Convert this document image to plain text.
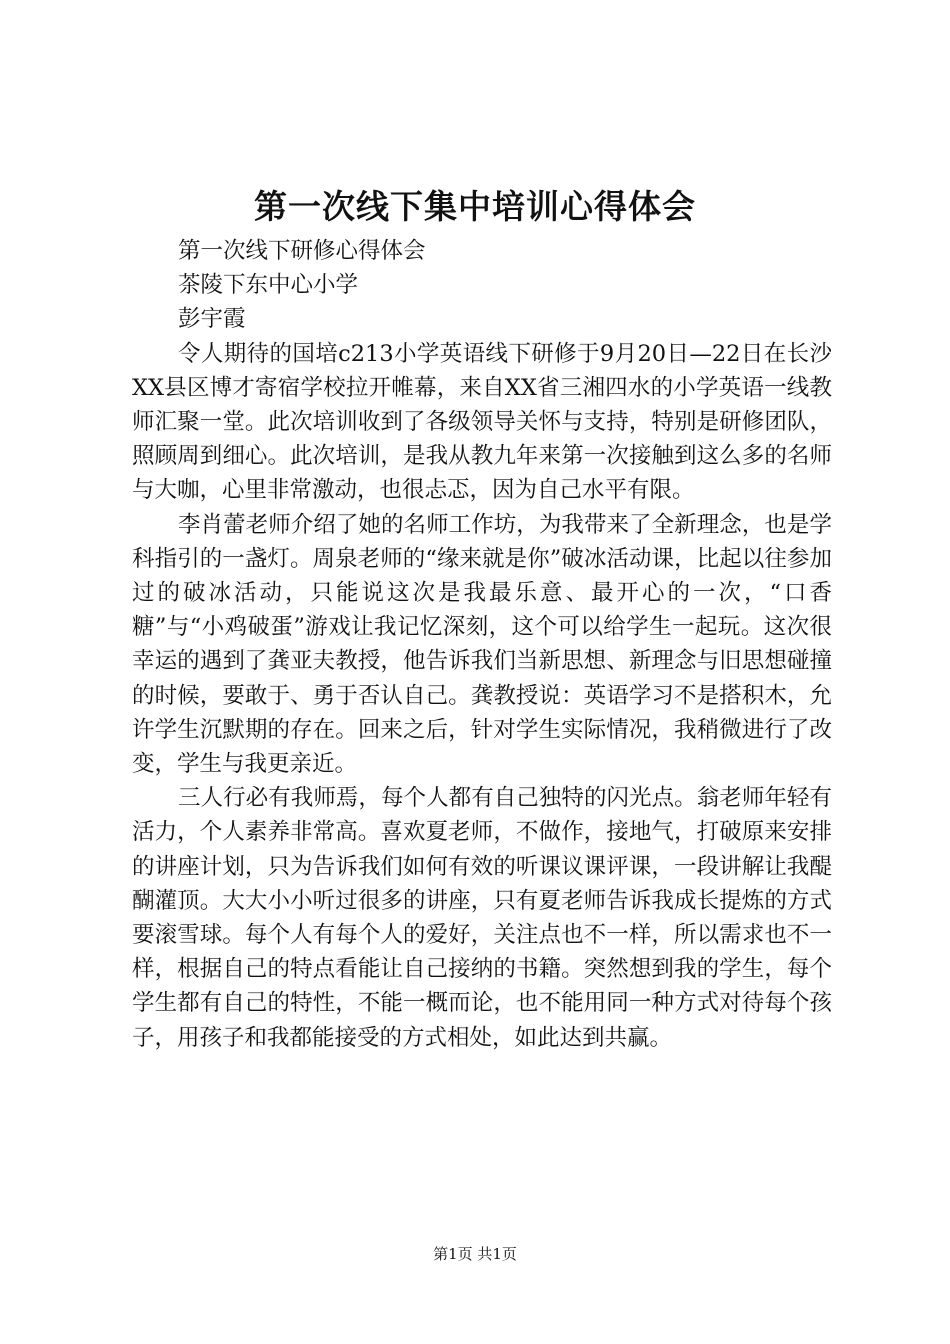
第一次线下集中培训心得体会
第一次线下研修心得体会
茶陵下东中心小学
彭宇霞

令人期待的国培c213小学英语线下研修于9月20日—22日在长沙XX县区博才寄宿学校拉开帷幕，来自XX省三湘四水的小学英语一线教师汇聚一堂。此次培训收到了各级领导关怀与支持，特别是研修团队，照顾周到细心。此次培训，是我从教九年来第一次接触到这么多的名师与大咖，心里非常激动，也很忐忑，因为自己水平有限。

李肖蕾老师介绍了她的名师工作坊，为我带来了全新理念，也是学科指引的一盏灯。周泉老师的“缘来就是你”破冰活动课，比起以往参加过的破冰活动，只能说这次是我最乐意、最开心的一次，“口香糖”与“小鸡破蛋”游戏让我记忆深刻，这个可以给学生一起玩。这次很幸运的遇到了龚亚夫教授，他告诉我们当新思想、新理念与旧思想碰撞的时候，要敢于、勇于否认自己。龚教授说：英语学习不是搭积木，允许学生沉默期的存在。回来之后，针对学生实际情况，我稍微进行了改变，学生与我更亲近。

三人行必有我师焉，每个人都有自己独特的闪光点。翁老师年轻有活力，个人素养非常高。喜欢夏老师，不做作，接地气，打破原来安排的讲座计划，只为告诉我们如何有效的听课议课评课，一段讲解让我醍醐灌顶。大大小小听过很多的讲座，只有夏老师告诉我成长提炼的方式要滚雪球。每个人有每个人的爱好，关注点也不一样，所以需求也不一样，根据自己的特点看能让自己接纳的书籍。突然想到我的学生，每个学生都有自己的特性，不能一概而论，也不能用同一种方式对待每个孩子，用孩子和我都能接受的方式相处，如此达到共赢。

第1页 共1页
